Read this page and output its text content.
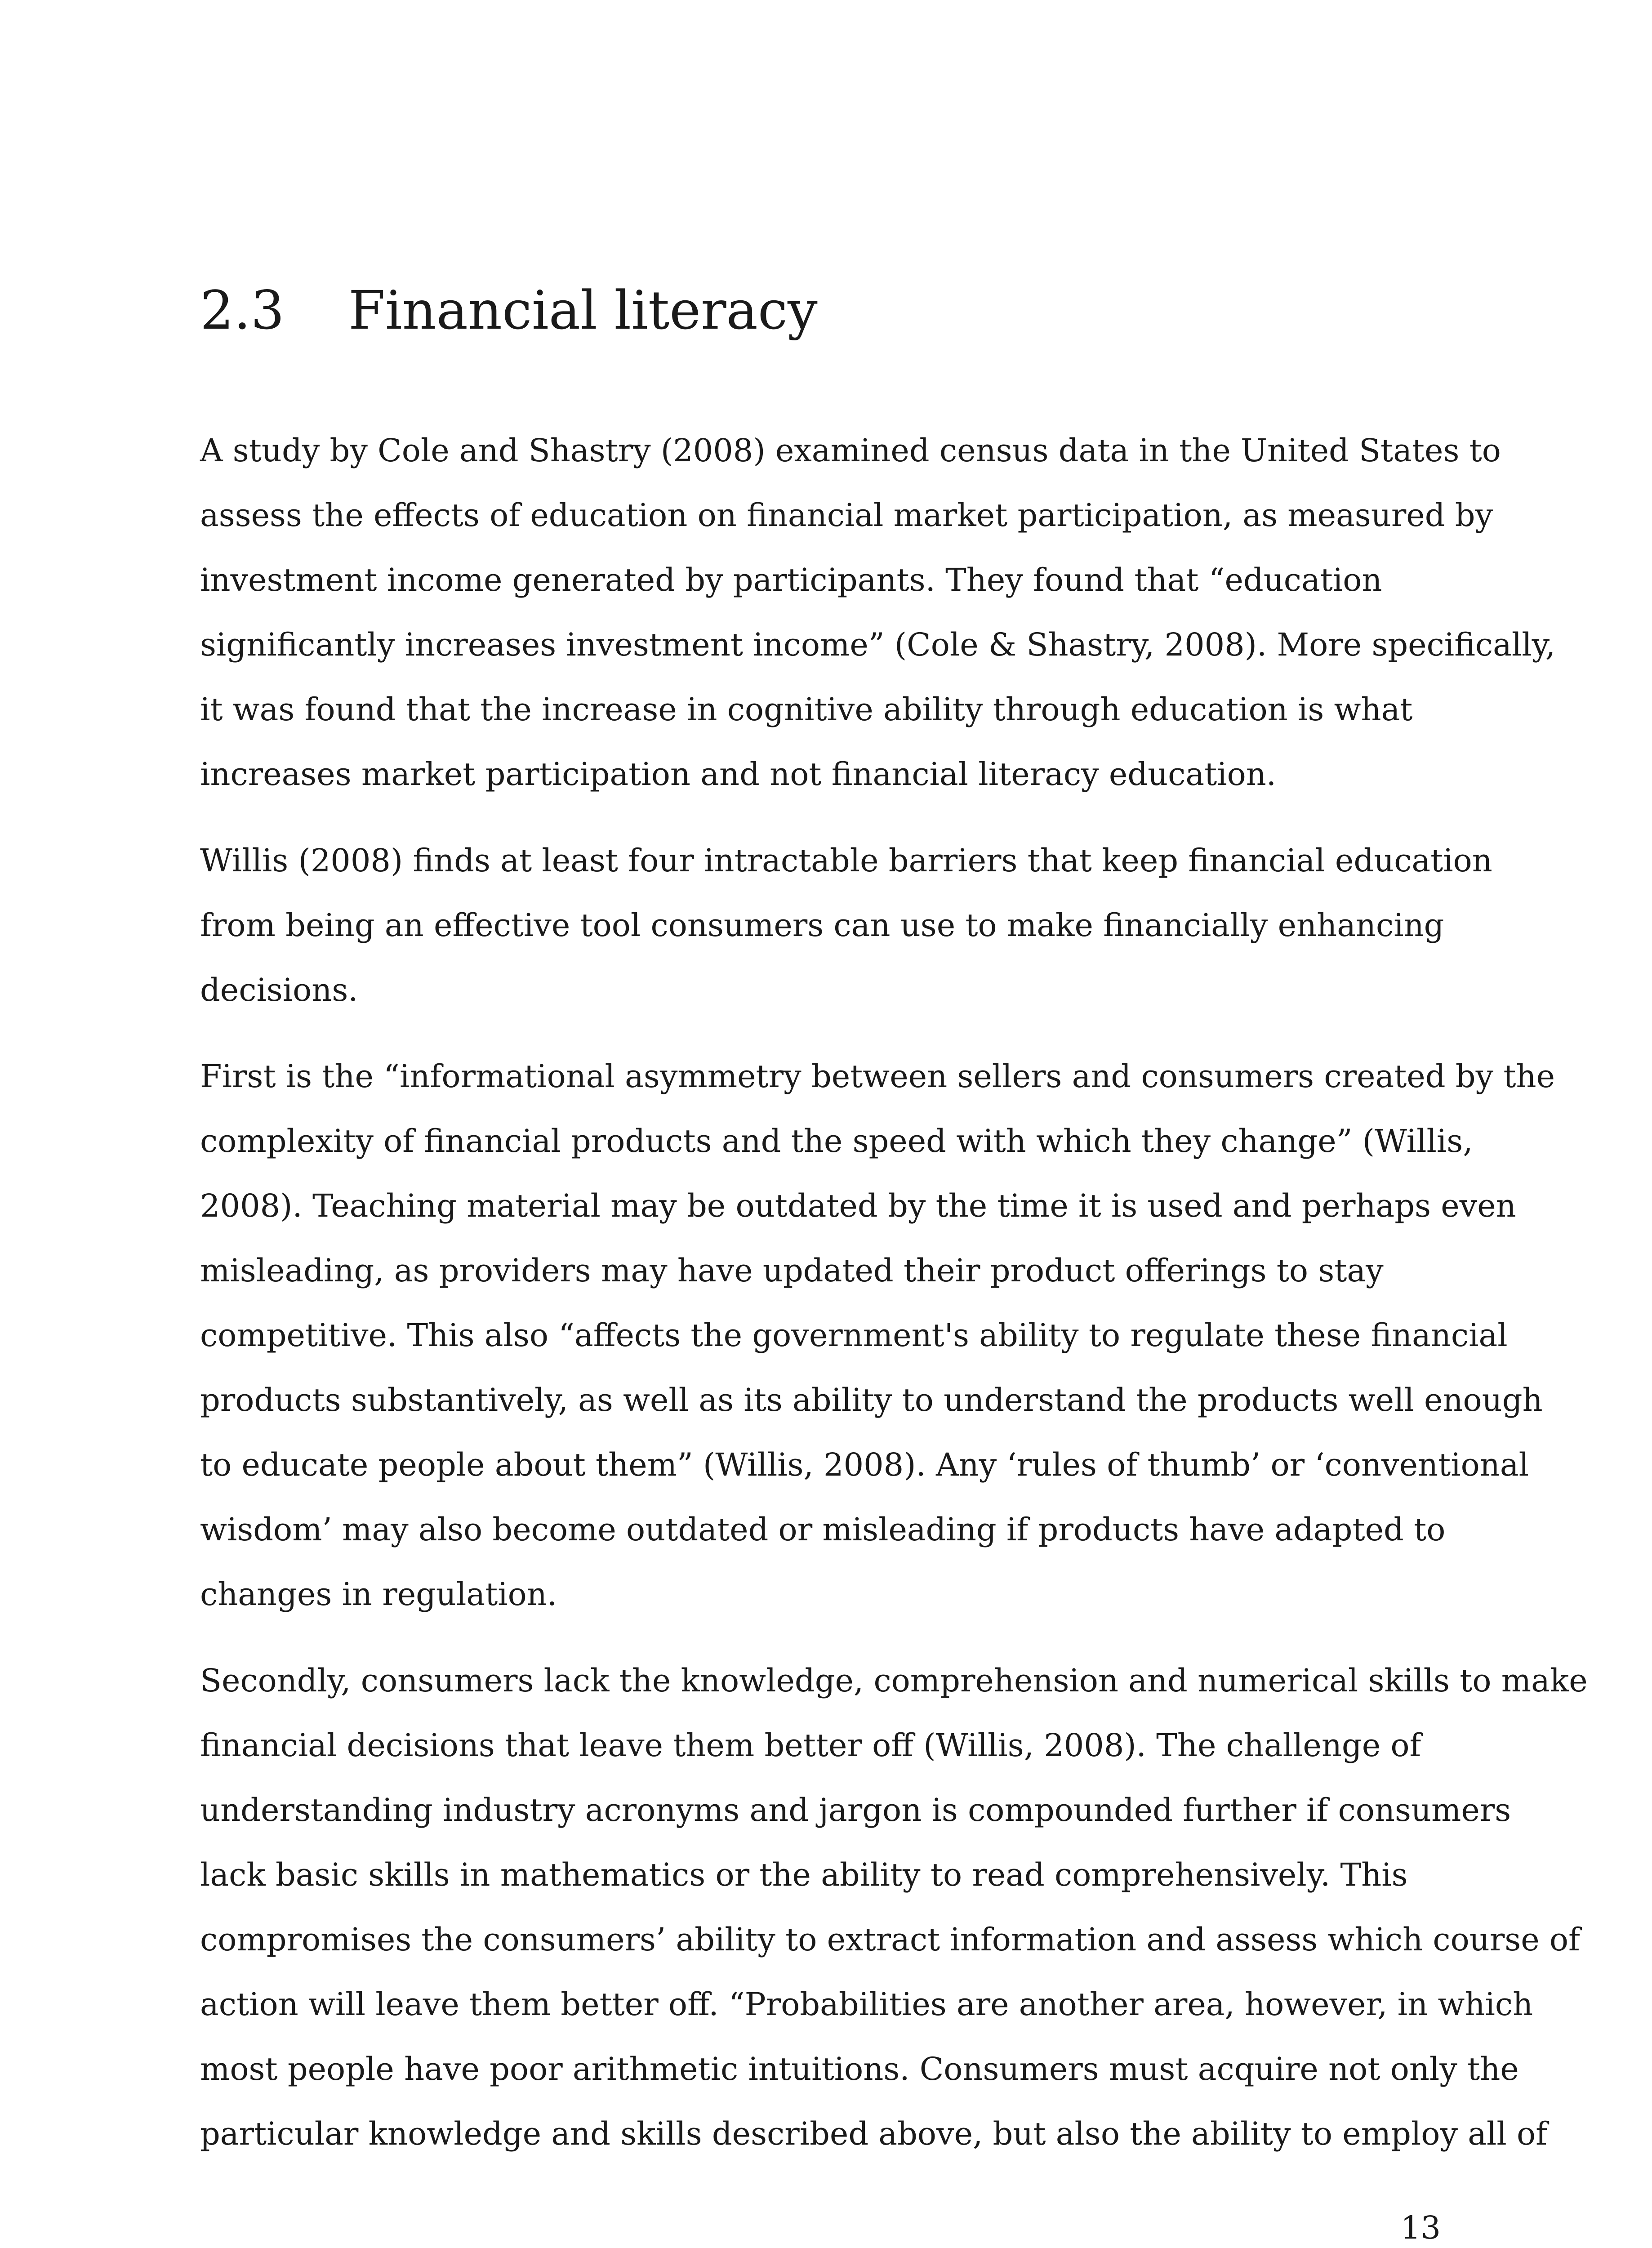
2.3 Financial literacy

A study by Cole and Shastry (2008) examined census data in the United States to
assess the effects of education on financial market participation, as measured by
investment income generated by participants. They found that “education
significantly increases investment income” (Cole & Shastry, 2008). More specifically,
it was found that the increase in cognitive ability through education is what
increases market participation and not financial literacy education.

Willis (2008) finds at least four intractable barriers that keep financial education
from being an effective tool consumers can use to make financially enhancing
decisions.

First is the “informational asymmetry between sellers and consumers created by the
complexity of financial products and the speed with which they change” (Willis,
2008). Teaching material may be outdated by the time it is used and perhaps even
misleading, as providers may have updated their product offerings to stay
competitive. This also “affects the government's ability to regulate these financial
products substantively, as well as its ability to understand the products well enough
to educate people about them” (Willis, 2008). Any ‘rules of thumb’ or ‘conventional
wisdom’ may also become outdated or misleading if products have adapted to
changes in regulation.

Secondly, consumers lack the knowledge, comprehension and numerical skills to make
financial decisions that leave them better off (Willis, 2008). The challenge of
understanding industry acronyms and jargon is compounded further if consumers
lack basic skills in mathematics or the ability to read comprehensively. This
compromises the consumers’ ability to extract information and assess which course of
action will leave them better off. “Probabilities are another area, however, in which
most people have poor arithmetic intuitions. Consumers must acquire not only the
particular knowledge and skills described above, but also the ability to employ all of

13
